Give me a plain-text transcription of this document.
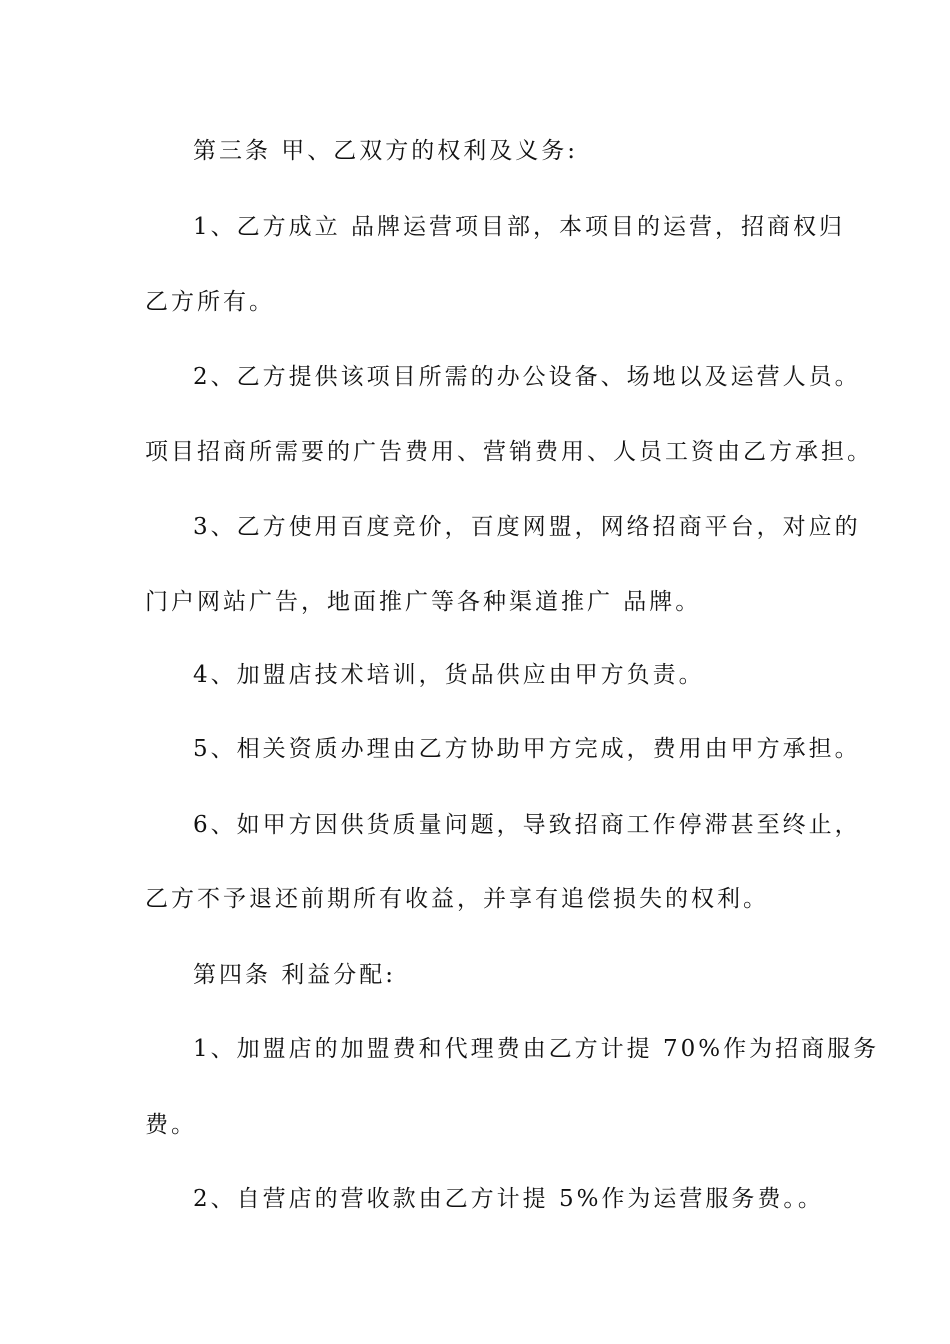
第三条 甲、乙双方的权利及义务:
1、乙方成立 品牌运营项目部，本项目的运营，招商权归
乙方所有。
2、乙方提供该项目所需的办公设备、场地以及运营人员。
项目招商所需要的广告费用、营销费用、人员工资由乙方承担。
3、乙方使用百度竞价，百度网盟，网络招商平台，对应的
门户网站广告，地面推广等各种渠道推广 品牌。
4、加盟店技术培训，货品供应由甲方负责。
5、相关资质办理由乙方协助甲方完成，费用由甲方承担。
6、如甲方因供货质量问题，导致招商工作停滞甚至终止，
乙方不予退还前期所有收益，并享有追偿损失的权利。
第四条 利益分配:
1、加盟店的加盟费和代理费由乙方计提 70%作为招商服务
费。
2、自营店的营收款由乙方计提 5%作为运营服务费。。
